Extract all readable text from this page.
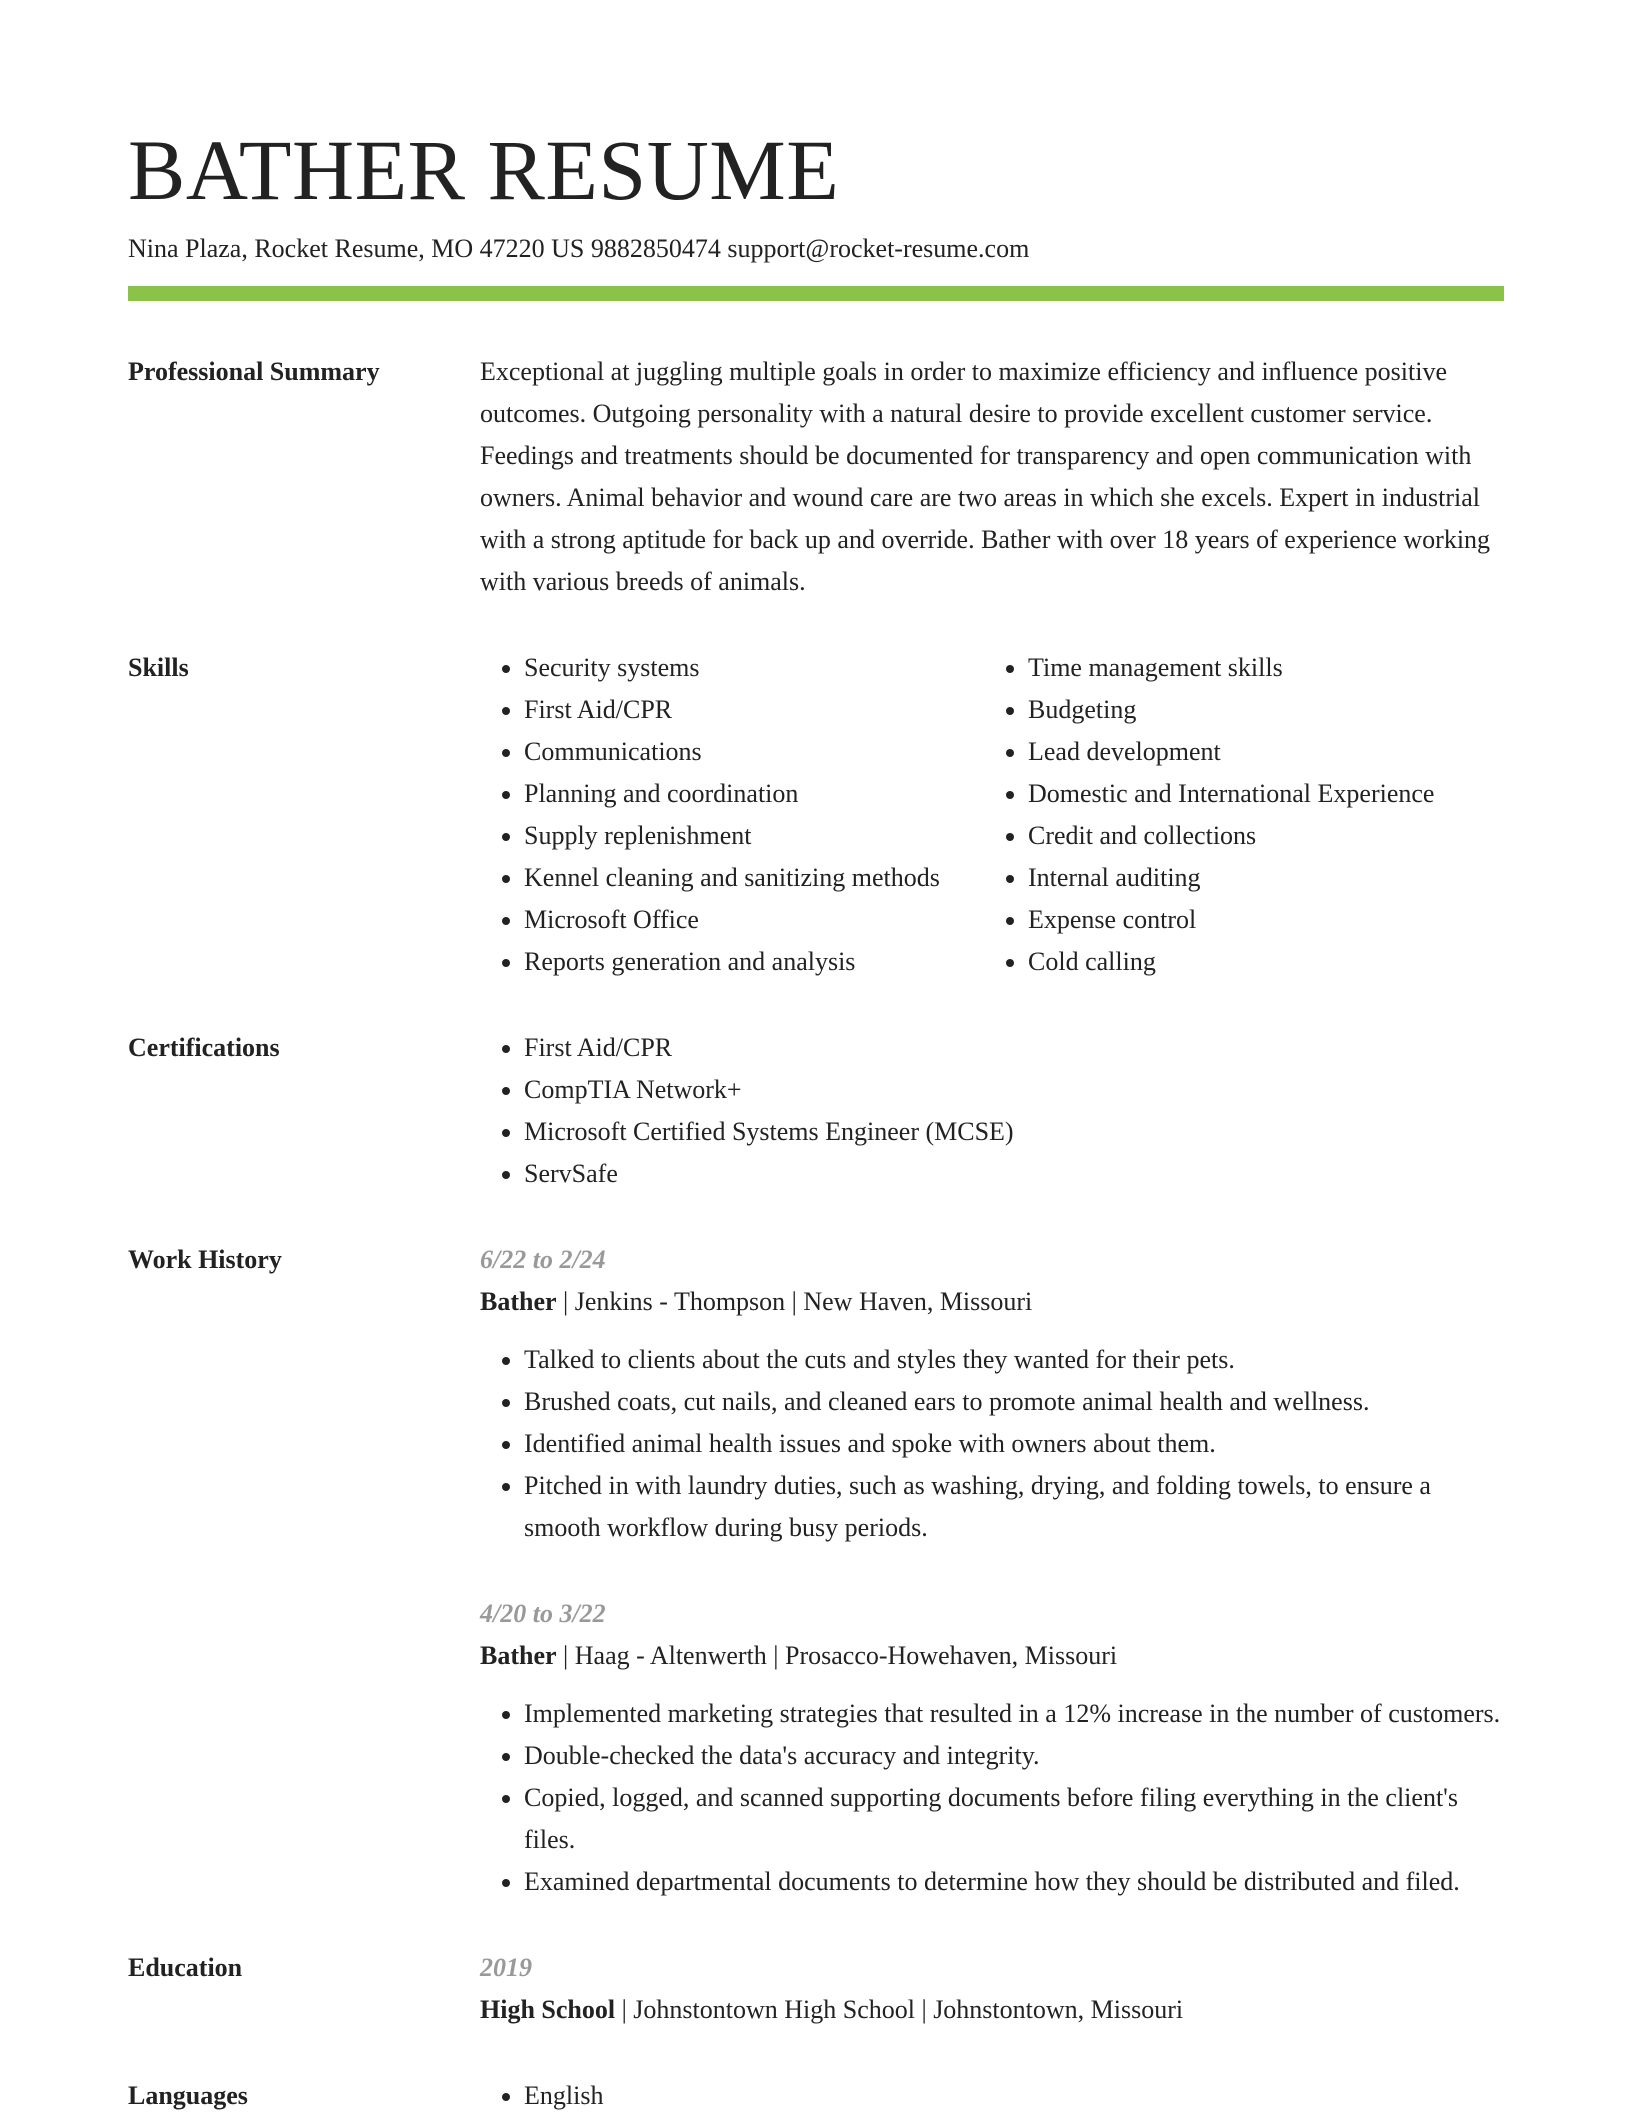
BATHER RESUME
Nina Plaza, Rocket Resume, MO 47220 US 9882850474 support@rocket-resume.com
Professional Summary	Exceptional at juggling multiple goals in order to maximize efficiency and influence positive outcomes. Outgoing personality with a natural desire to provide excellent customer service. Feedings and treatments should be documented for transparency and open communication with owners. Animal behavior and wound care are two areas in which she excels. Expert in industrial with a strong aptitude for back up and override. Bather with over 18 years of experience working with various breeds of animals.

Skills	• Security systems
• First Aid/CPR
• Communications
• Planning and coordination
• Supply replenishment
• Kennel cleaning and sanitizing methods
• Microsoft Office
• Reports generation and analysis
• Time management skills
• Budgeting
• Lead development
• Domestic and International Experience
• Credit and collections
• Internal auditing
• Expense control
• Cold calling
Certifications	• First Aid/CPR
• CompTIA Network+
• Microsoft Certified Systems Engineer (MCSE)
• ServSafe
Work History	6/22 to 2/24
Bather | Jenkins - Thompson | New Haven, Missouri
• Talked to clients about the cuts and styles they wanted for their pets.
• Brushed coats, cut nails, and cleaned ears to promote animal health and wellness.
• Identified animal health issues and spoke with owners about them.
• Pitched in with laundry duties, such as washing, drying, and folding towels, to ensure a smooth workflow during busy periods.
4/20 to 3/22
Bather | Haag - Altenwerth | Prosacco-Howehaven, Missouri
• Implemented marketing strategies that resulted in a 12% increase in the number of customers.
• Double-checked the data's accuracy and integrity.
• Copied, logged, and scanned supporting documents before filing everything in the client's files.
• Examined departmental documents to determine how they should be distributed and filed.
Education	2019
High School | Johnstontown High School | Johnstontown, Missouri
Languages	• English
